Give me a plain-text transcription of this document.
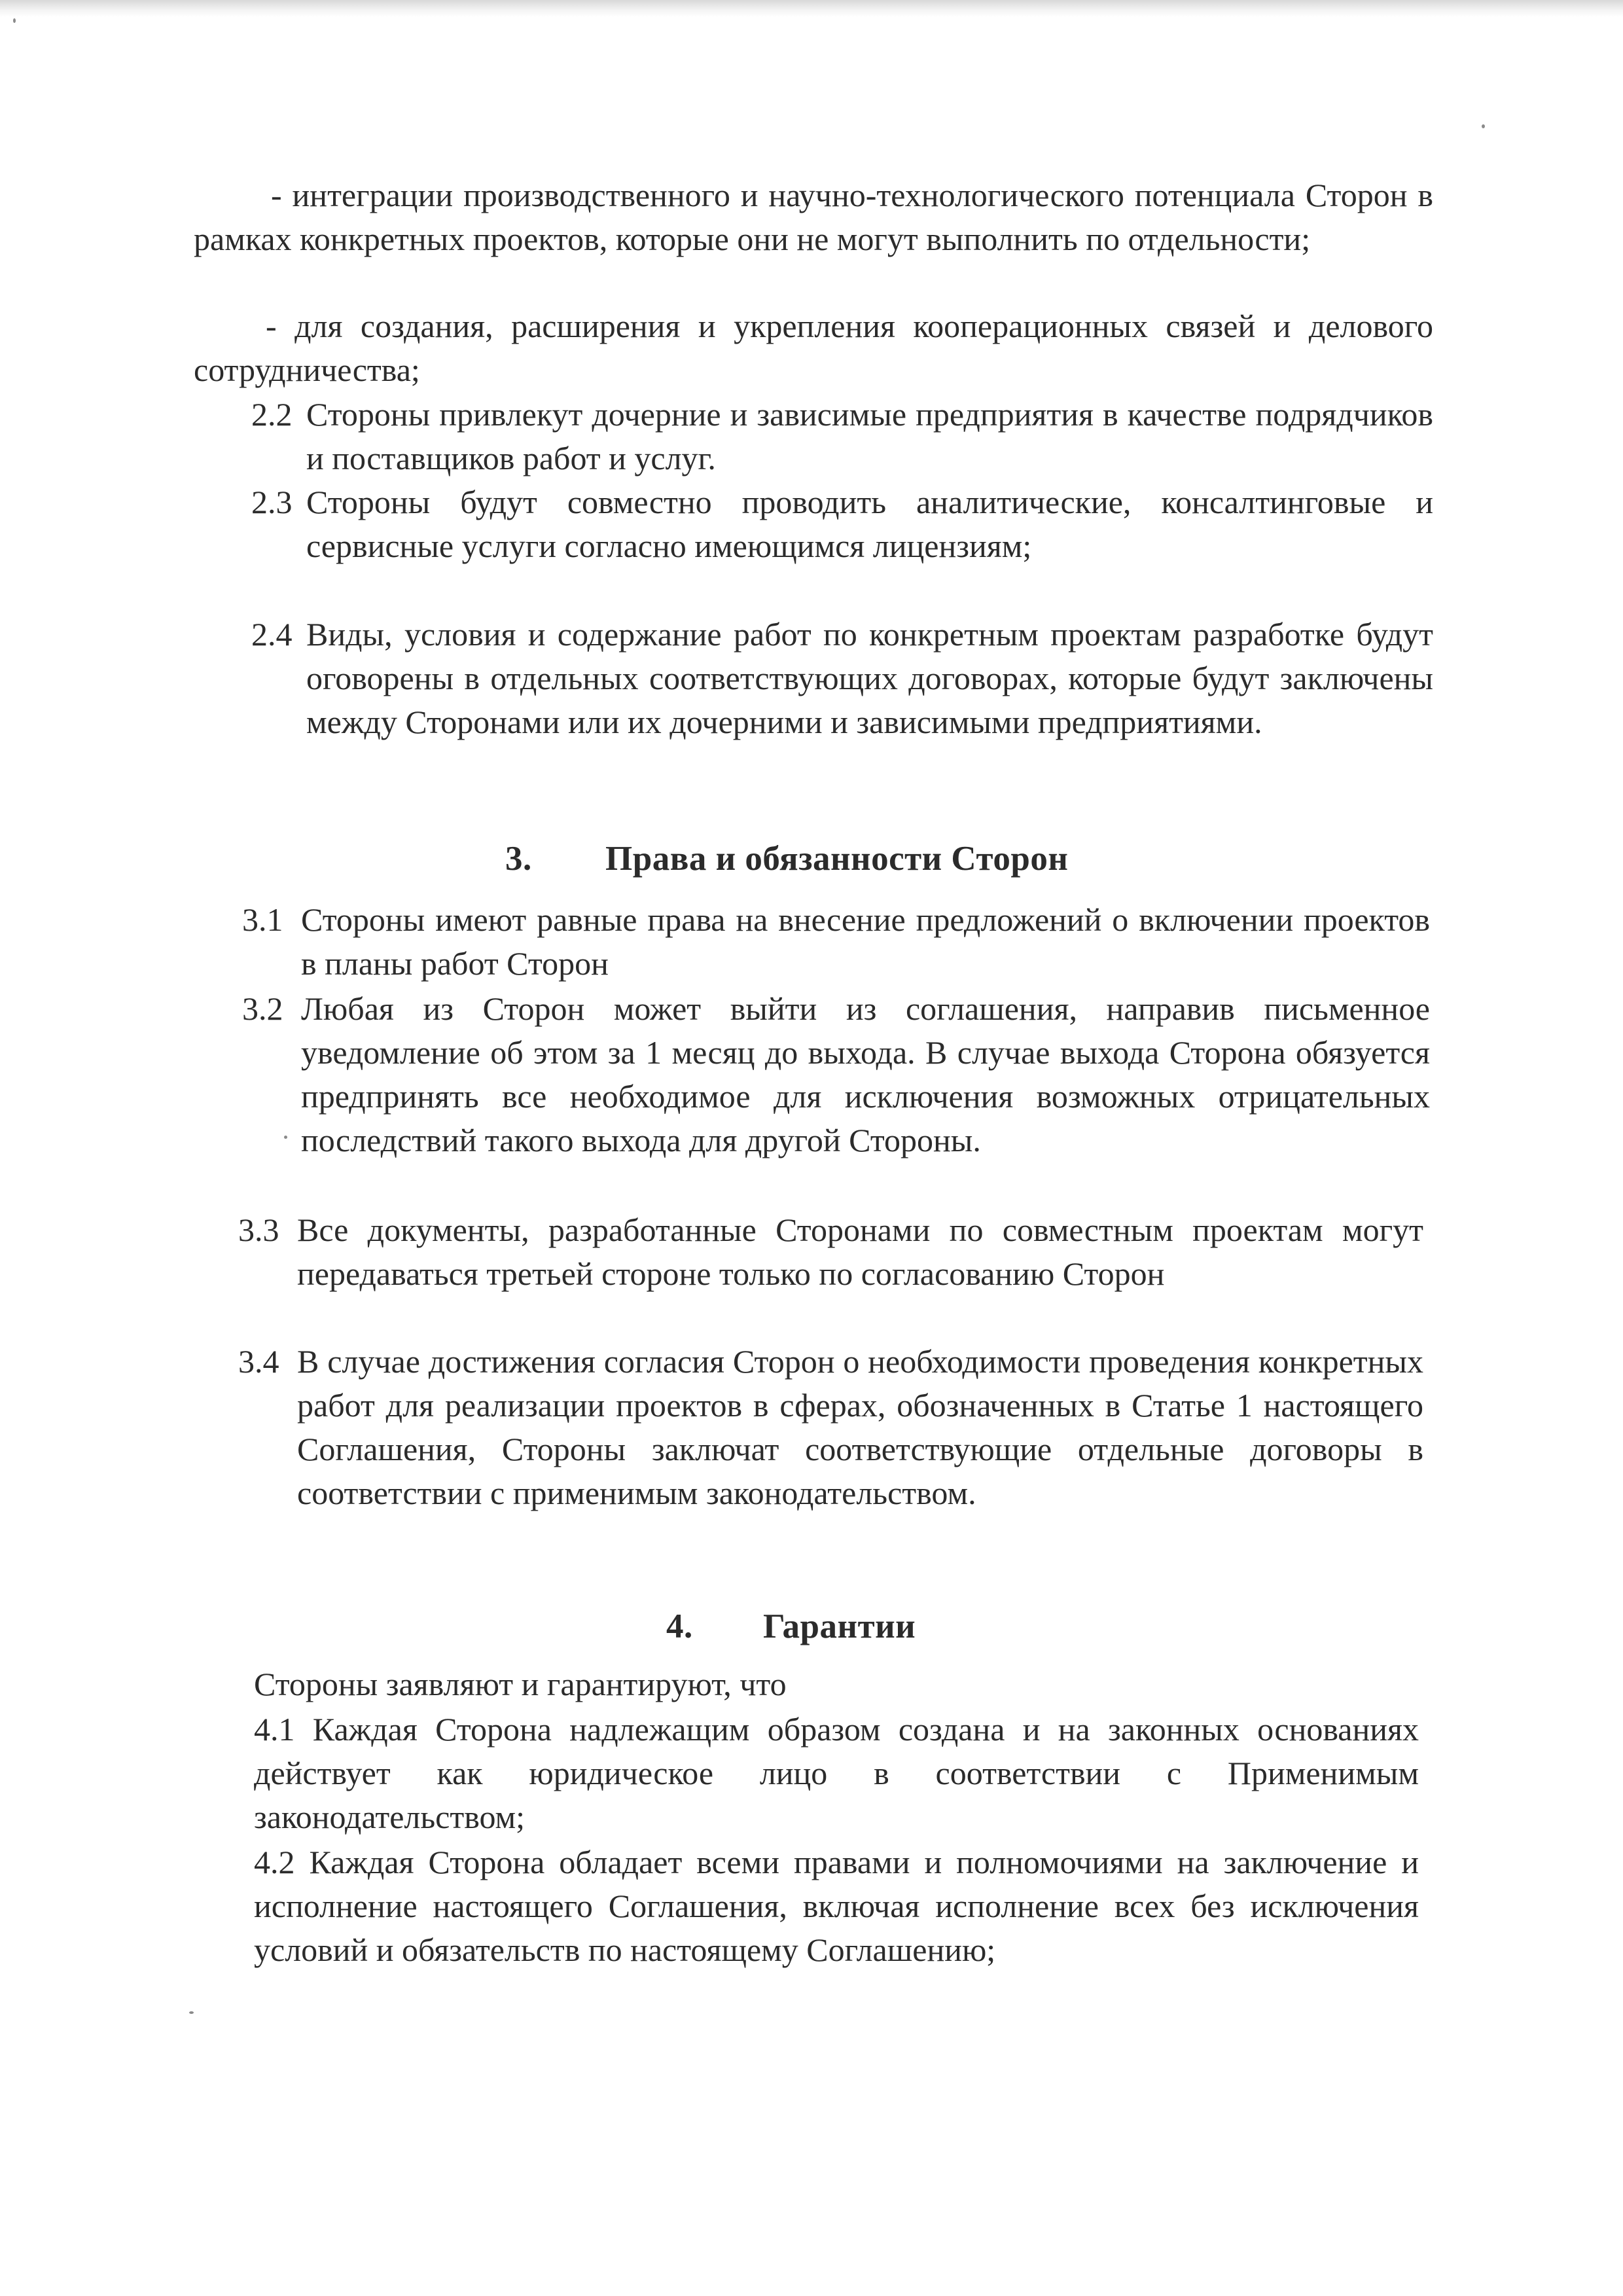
- интеграции производственного и научно-технологического потенциала Сторон в рамках конкретных проектов, которые они не могут выполнить по отдельности;

- для создания, расширения и укрепления кооперационных связей и делового сотрудничества;

2.2 Стороны привлекут дочерние и зависимые предприятия в качестве подрядчиков и поставщиков работ и услуг.
2.3 Стороны будут совместно проводить аналитические, консалтинговые и сервисные услуги согласно имеющимся лицензиям;
2.4 Виды, условия и содержание работ по конкретным проектам разработке будут оговорены в отдельных соответствующих договорах, которые будут заключены между Сторонами или их дочерними и зависимыми предприятиями.
3. Права и обязанности Сторон
3.1 Стороны имеют равные права на внесение предложений о включении проектов в планы работ Сторон
3.2 Любая из Сторон может выйти из соглашения, направив письменное уведомление об этом за 1 месяц до выхода. В случае выхода Сторона обязуется предпринять все необходимое для исключения возможных отрицательных последствий такого выхода для другой Стороны.
3.3 Все документы, разработанные Сторонами по совместным проектам могут передаваться третьей стороне только по согласованию Сторон
3.4 В случае достижения согласия Сторон о необходимости проведения конкретных работ для реализации проектов в сферах, обозначенных в Статье 1 настоящего Соглашения, Стороны заключат соответствующие отдельные договоры в соответствии с применимым законодательством.
4. Гарантии

Стороны заявляют и гарантируют, что

4.1 Каждая Сторона надлежащим образом создана и на законных основаниях действует как юридическое лицо в соответствии с Применимым законодательством;

4.2 Каждая Сторона обладает всеми правами и полномочиями на заключение и исполнение настоящего Соглашения, включая исполнение всех без исключения условий и обязательств по настоящему Соглашению;
